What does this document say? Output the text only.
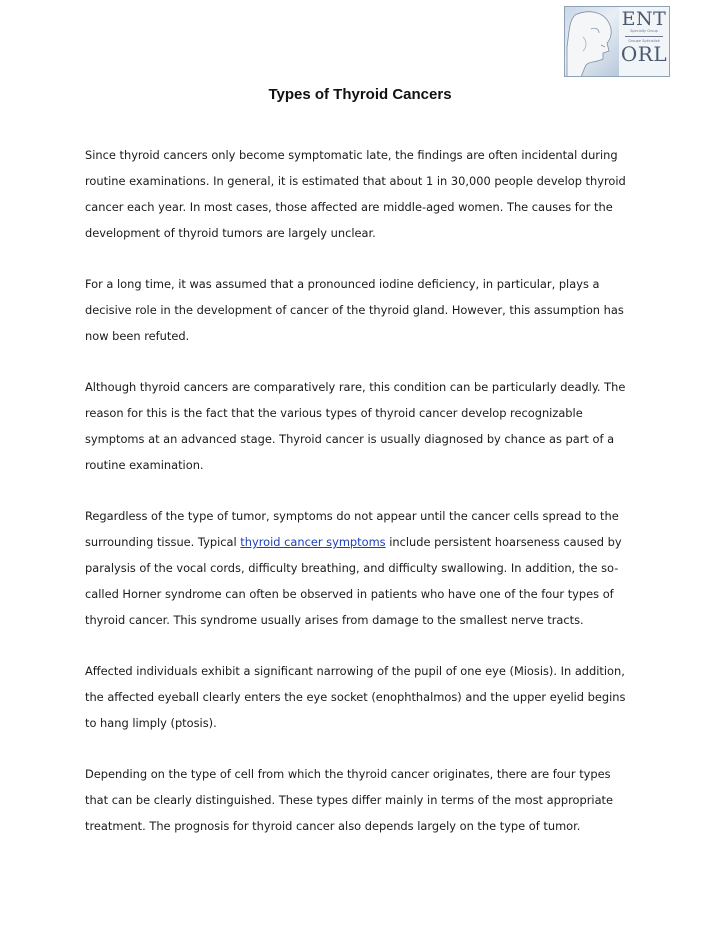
ENT
Specialty Group
Groupe Spécialisé
ORL
Types of Thyroid Cancers
Since thyroid cancers only become symptomatic late, the findings are often incidental during
routine examinations. In general, it is estimated that about 1 in 30,000 people develop thyroid
cancer each year. In most cases, those affected are middle-aged women. The causes for the
development of thyroid tumors are largely unclear.
For a long time, it was assumed that a pronounced iodine deficiency, in particular, plays a
decisive role in the development of cancer of the thyroid gland. However, this assumption has
now been refuted.
Although thyroid cancers are comparatively rare, this condition can be particularly deadly. The
reason for this is the fact that the various types of thyroid cancer develop recognizable
symptoms at an advanced stage. Thyroid cancer is usually diagnosed by chance as part of a
routine examination.
Regardless of the type of tumor, symptoms do not appear until the cancer cells spread to the
surrounding tissue. Typical thyroid cancer symptoms include persistent hoarseness caused by
paralysis of the vocal cords, difficulty breathing, and difficulty swallowing. In addition, the so-
called Horner syndrome can often be observed in patients who have one of the four types of
thyroid cancer. This syndrome usually arises from damage to the smallest nerve tracts.
Affected individuals exhibit a significant narrowing of the pupil of one eye (Miosis). In addition,
the affected eyeball clearly enters the eye socket (enophthalmos) and the upper eyelid begins
to hang limply (ptosis).
Depending on the type of cell from which the thyroid cancer originates, there are four types
that can be clearly distinguished. These types differ mainly in terms of the most appropriate
treatment. The prognosis for thyroid cancer also depends largely on the type of tumor.
